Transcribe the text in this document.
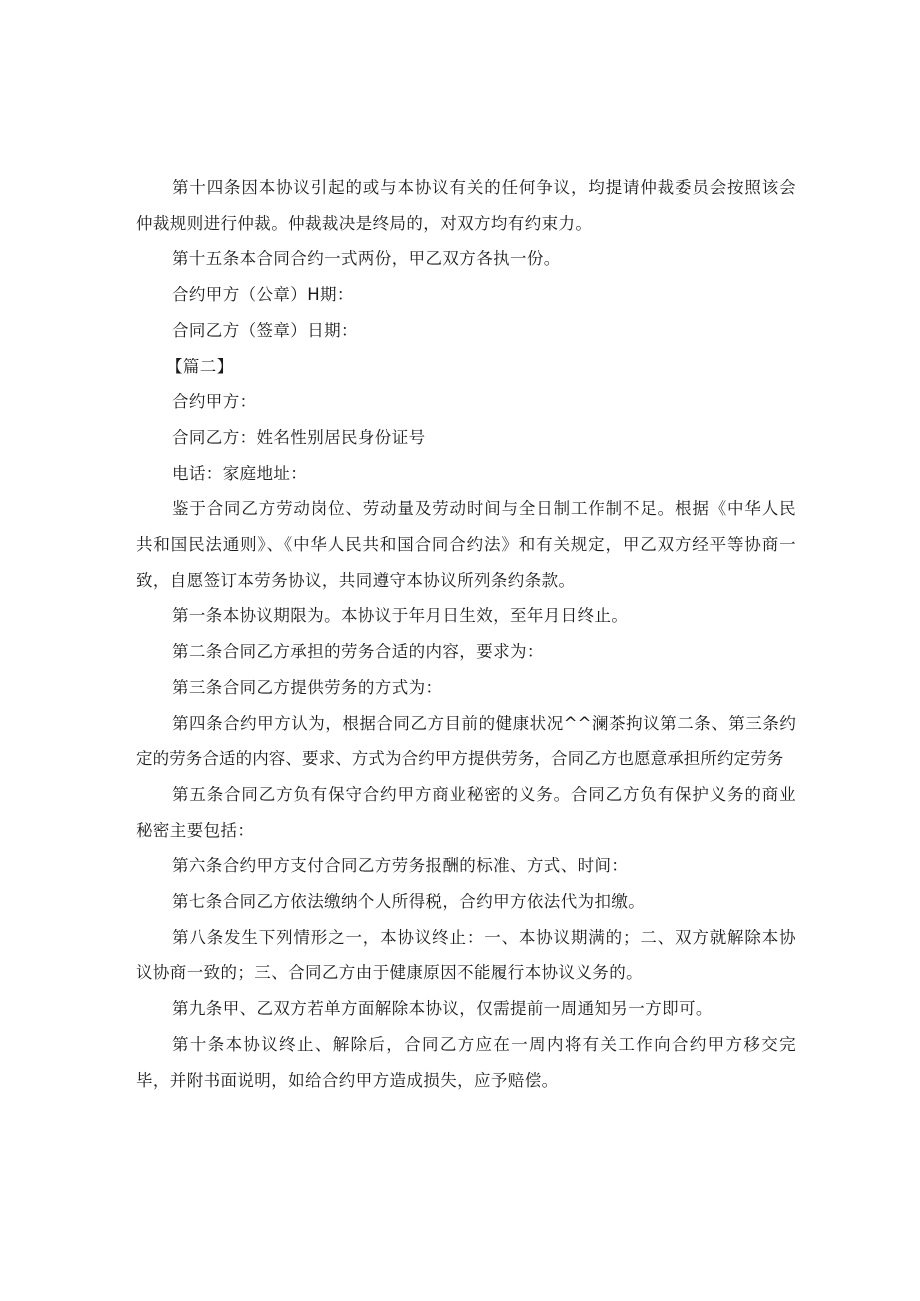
第十四条因本协议引起的或与本协议有关的任何争议，均提请仲裁委员会按照该会仲裁规则进行仲裁。仲裁裁决是终局的，对双方均有约束力。

第十五条本合同合约一式两份，甲乙双方各执一份。

合约甲方（公章）H期：

合同乙方（签章）日期：

【篇二】

合约甲方：

合同乙方：姓名性别居民身份证号

电话：家庭地址：

鉴于合同乙方劳动岗位、劳动量及劳动时间与全日制工作制不足。根据《中华人民共和国民法通则》、《中华人民共和国合同合约法》和有关规定，甲乙双方经平等协商一致，自愿签订本劳务协议，共同遵守本协议所列条约条款。

第一条本协议期限为。本协议于年月日生效，至年月日终止。

第二条合同乙方承担的劳务合适的内容，要求为：

第三条合同乙方提供劳务的方式为：

第四条合约甲方认为，根据合同乙方目前的健康状况^^澜茶拘议第二条、第三条约定的劳务合适的内容、要求、方式为合约甲方提供劳务，合同乙方也愿意承担所约定劳务

第五条合同乙方负有保守合约甲方商业秘密的义务。合同乙方负有保护义务的商业秘密主要包括：

第六条合约甲方支付合同乙方劳务报酬的标准、方式、时间：

第七条合同乙方依法缴纳个人所得税，合约甲方依法代为扣缴。

第八条发生下列情形之一，本协议终止：一、本协议期满的；二、双方就解除本协议协商一致的；三、合同乙方由于健康原因不能履行本协议义务的。

第九条甲、乙双方若单方面解除本协议，仅需提前一周通知另一方即可。

第十条本协议终止、解除后，合同乙方应在一周内将有关工作向合约甲方移交完毕，并附书面说明，如给合约甲方造成损失，应予赔偿。
